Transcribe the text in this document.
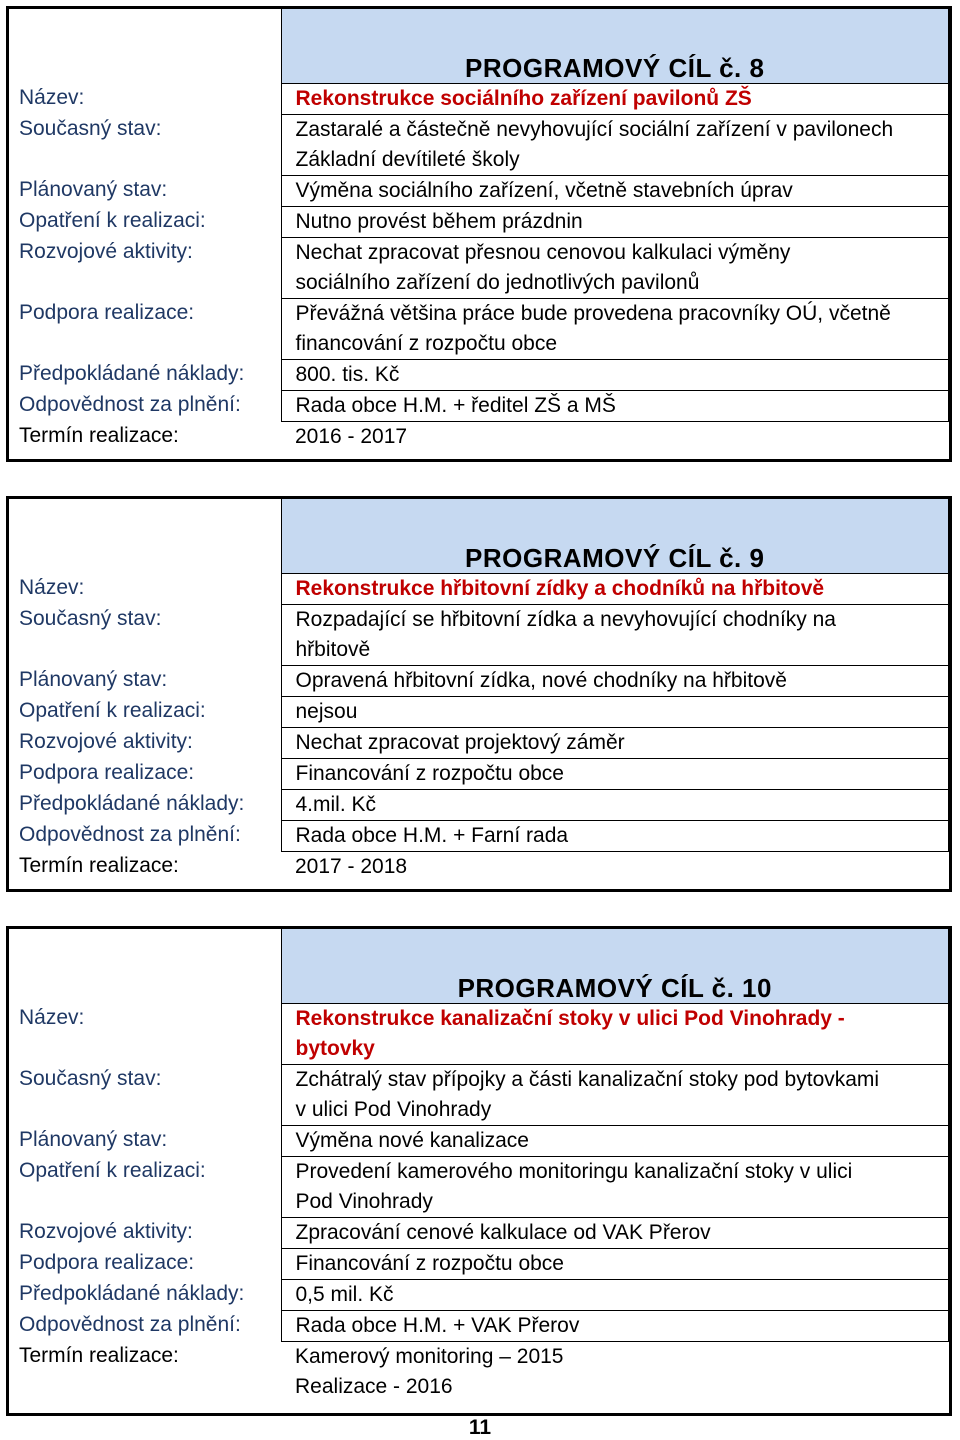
	PROGRAMOVÝ CÍL č. 8
Název:	Rekonstrukce sociálního zařízení pavilonů ZŠ
Současný stav:	Zastaralé a částečně nevyhovující sociální zařízení v pavilonech
Základní devítileté školy
Plánovaný stav:	Výměna sociálního zařízení, včetně stavebních úprav
Opatření k realizaci:	Nutno provést během prázdnin
Rozvojové aktivity:	Nechat zpracovat přesnou cenovou kalkulaci výměny
sociálního zařízení do jednotlivých pavilonů
Podpora realizace:	Převážná většina práce bude provedena pracovníky OÚ, včetně
financování z rozpočtu obce
Předpokládané náklady:	800. tis. Kč
Odpovědnost za plnění:	Rada obce H.M. + ředitel ZŠ a MŠ
Termín realizace:	2016 - 2017
	PROGRAMOVÝ CÍL č. 9
Název:	Rekonstrukce hřbitovní zídky a chodníků na hřbitově
Současný stav:	Rozpadající se hřbitovní zídka a nevyhovující chodníky na
hřbitově
Plánovaný stav:	Opravená hřbitovní zídka, nové chodníky na hřbitově
Opatření k realizaci:	nejsou
Rozvojové aktivity:	Nechat zpracovat projektový záměr
Podpora realizace:	Financování z rozpočtu obce
Předpokládané náklady:	4.mil. Kč
Odpovědnost za plnění:	Rada obce H.M. + Farní rada
Termín realizace:	2017 - 2018
	PROGRAMOVÝ CÍL č. 10
Název:	Rekonstrukce kanalizační stoky v ulici Pod Vinohrady -
bytovky
Současný stav:	Zchátralý stav přípojky a části kanalizační stoky pod bytovkami
v ulici Pod Vinohrady
Plánovaný stav:	Výměna nové kanalizace
Opatření k realizaci:	Provedení kamerového monitoringu kanalizační stoky v ulici
Pod Vinohrady
Rozvojové aktivity:	Zpracování cenové kalkulace od VAK Přerov
Podpora realizace:	Financování z rozpočtu obce
Předpokládané náklady:	0,5 mil. Kč
Odpovědnost za plnění:	Rada obce H.M. + VAK Přerov
Termín realizace:	Kamerový monitoring – 2015
Realizace - 2016
11
